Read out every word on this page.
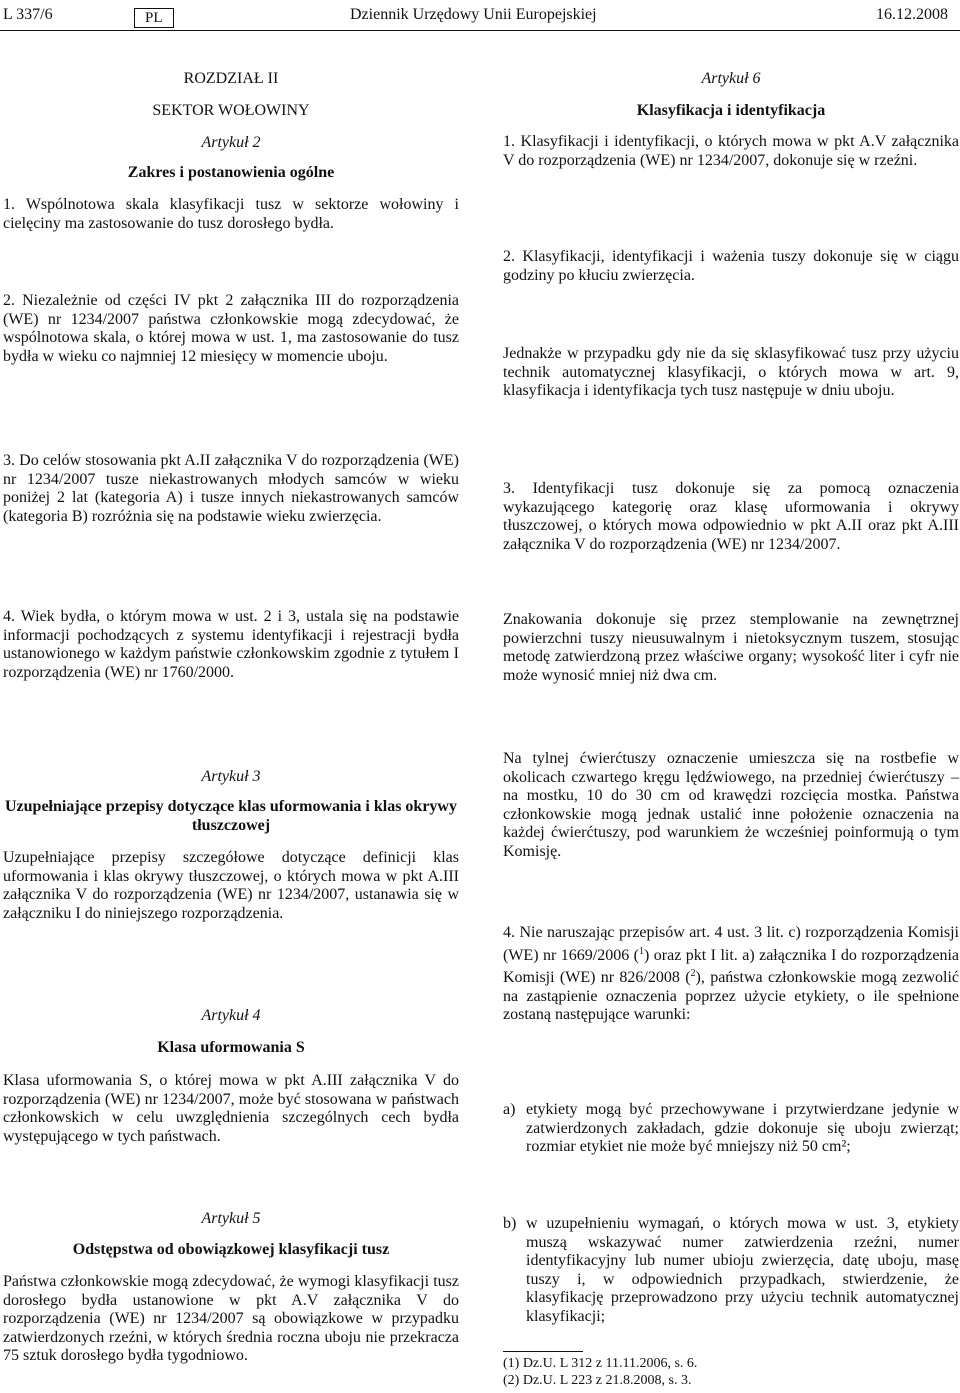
L 337/6	PL	Dziennik Urzędowy Unii Europejskiej	16.12.2008
ROZDZIAŁ II
SEKTOR WOŁOWINY
Artykuł 2
Zakres i postanowienia ogólne
1. Wspólnotowa skala klasyfikacji tusz w sektorze wołowiny i cielęciny ma zastosowanie do tusz dorosłego bydła.
2. Niezależnie od części IV pkt 2 załącznika III do rozporządzenia (WE) nr 1234/2007 państwa członkowskie mogą zdecydować, że wspólnotowa skala, o której mowa w ust. 1, ma zastosowanie do tusz bydła w wieku co najmniej 12 miesięcy w momencie uboju.
3. Do celów stosowania pkt A.II załącznika V do rozporządzenia (WE) nr 1234/2007 tusze niekastrowanych młodych samców w wieku poniżej 2 lat (kategoria A) i tusze innych niekastrowanych samców (kategoria B) rozróżnia się na podstawie wieku zwierzęcia.
4. Wiek bydła, o którym mowa w ust. 2 i 3, ustala się na podstawie informacji pochodzących z systemu identyfikacji i rejestracji bydła ustanowionego w każdym państwie członkowskim zgodnie z tytułem I rozporządzenia (WE) nr 1760/2000.
Artykuł 3
Uzupełniające przepisy dotyczące klas uformowania i klas okrywy tłuszczowej
Uzupełniające przepisy szczegółowe dotyczące definicji klas uformowania i klas okrywy tłuszczowej, o których mowa w pkt A.III załącznika V do rozporządzenia (WE) nr 1234/2007, ustanawia się w załączniku I do niniejszego rozporządzenia.
Artykuł 4
Klasa uformowania S
Klasa uformowania S, o której mowa w pkt A.III załącznika V do rozporządzenia (WE) nr 1234/2007, może być stosowana w państwach członkowskich w celu uwzględnienia szczególnych cech bydła występującego w tych państwach.
Artykuł 5
Odstępstwa od obowiązkowej klasyfikacji tusz
Państwa członkowskie mogą zdecydować, że wymogi klasyfikacji tusz dorosłego bydła ustanowione w pkt A.V załącznika V do rozporządzenia (WE) nr 1234/2007 są obowiązkowe w przypadku zatwierdzonych rzeźni, w których średnia roczna uboju nie przekracza 75 sztuk dorosłego bydła tygodniowo.
Artykuł 6
Klasyfikacja i identyfikacja
1. Klasyfikacji i identyfikacji, o których mowa w pkt A.V załącznika V do rozporządzenia (WE) nr 1234/2007, dokonuje się w rzeźni.
2. Klasyfikacji, identyfikacji i ważenia tuszy dokonuje się w ciągu godziny po kłuciu zwierzęcia.
Jednakże w przypadku gdy nie da się sklasyfikować tusz przy użyciu technik automatycznej klasyfikacji, o których mowa w art. 9, klasyfikacja i identyfikacja tych tusz następuje w dniu uboju.
3. Identyfikacji tusz dokonuje się za pomocą oznaczenia wykazującego kategorię oraz klasę uformowania i okrywy tłuszczowej, o których mowa odpowiednio w pkt A.II oraz pkt A.III załącznika V do rozporządzenia (WE) nr 1234/2007.
Znakowania dokonuje się przez stemplowanie na zewnętrznej powierzchni tuszy nieusuwalnym i nietoksycznym tuszem, stosując metodę zatwierdzoną przez właściwe organy; wysokość liter i cyfr nie może wynosić mniej niż dwa cm.
Na tylnej ćwierćtuszy oznaczenie umieszcza się na rostbefie w okolicach czwartego kręgu lędźwiowego, na przedniej ćwierćtuszy – na mostku, 10 do 30 cm od krawędzi rozcięcia mostka. Państwa członkowskie mogą jednak ustalić inne położenie oznaczenia na każdej ćwierćtuszy, pod warunkiem że wcześniej poinformują o tym Komisję.
4. Nie naruszając przepisów art. 4 ust. 3 lit. c) rozporządzenia Komisji (WE) nr 1669/2006 ($^1$) oraz pkt I lit. a) załącznika I do rozporządzenia Komisji (WE) nr 826/2008 ($^2$), państwa członkowskie mogą zezwolić na zastąpienie oznaczenia poprzez użycie etykiety, o ile spełnione zostaną następujące warunki:
a) etykiety mogą być przechowywane i przytwierdzane jedynie w zatwierdzonych zakładach, gdzie dokonuje się uboju zwierząt; rozmiar etykiet nie może być mniejszy niż 50 cm²;
b) w uzupełnieniu wymagań, o których mowa w ust. 3, etykiety muszą wskazywać numer zatwierdzenia rzeźni, numer identyfikacyjny lub numer ubioju zwierzęcia, datę uboju, masę tuszy i, w odpowiednich przypadkach, stwierdzenie, że klasyfikację przeprowadzono przy użyciu technik automatycznej klasyfikacji;
(1) Dz.U. L 312 z 11.11.2006, s. 6.
(2) Dz.U. L 223 z 21.8.2008, s. 3.
